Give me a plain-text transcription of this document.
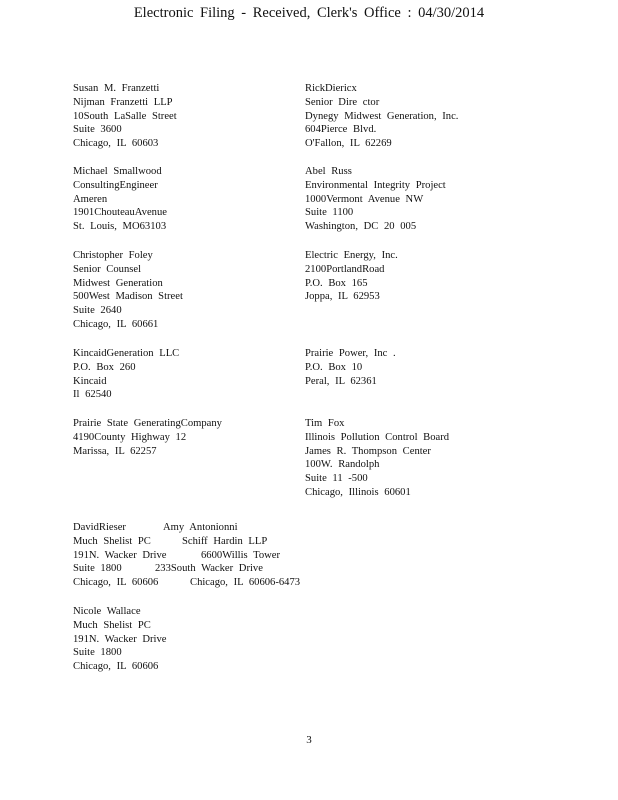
Electronic Filing - Received, Clerk's Office : 04/30/2014
Susan M. Franzetti
Nijman Franzetti LLP
10South LaSalle Street
Suite 3600
Chicago, IL 60603
RickDiericx
Senior Dire ctor
Dynegy Midwest Generation, Inc.
604Pierce Blvd.
O'Fallon, IL 62269
Michael Smallwood
ConsultingEngineer
Ameren
1901ChouteauAvenue
St. Louis, MO63103
Abel Russ
Environmental Integrity Project
1000Vermont Avenue NW
Suite 1100
Washington, DC 20 005
Christopher Foley
Senior Counsel
Midwest Generation
500West Madison Street
Suite 2640
Chicago, IL 60661
Electric Energy, Inc.
2100PortlandRoad
P.O. Box 165
Joppa, IL 62953
KincaidGeneration LLC
P.O. Box 260
Kincaid
Il 62540
Prairie Power, Inc .
P.O. Box 10
Peral, IL 62361
Prairie State GeneratingCompany
4190County Highway 12
Marissa, IL 62257
Tim Fox
Illinois Pollution Control Board
James R. Thompson Center
100W. Randolph
Suite 11 -500
Chicago, Illinois 60601
DavidRieser
Much Shelist PC
191N. Wacker Drive
Suite 1800
Chicago, IL 60606
Amy Antonionni
Schiff Hardin LLP
6600Willis Tower
233South Wacker Drive
Chicago, IL 60606-6473
Nicole Wallace
Much Shelist PC
191N. Wacker Drive
Suite 1800
Chicago, IL 60606
3
